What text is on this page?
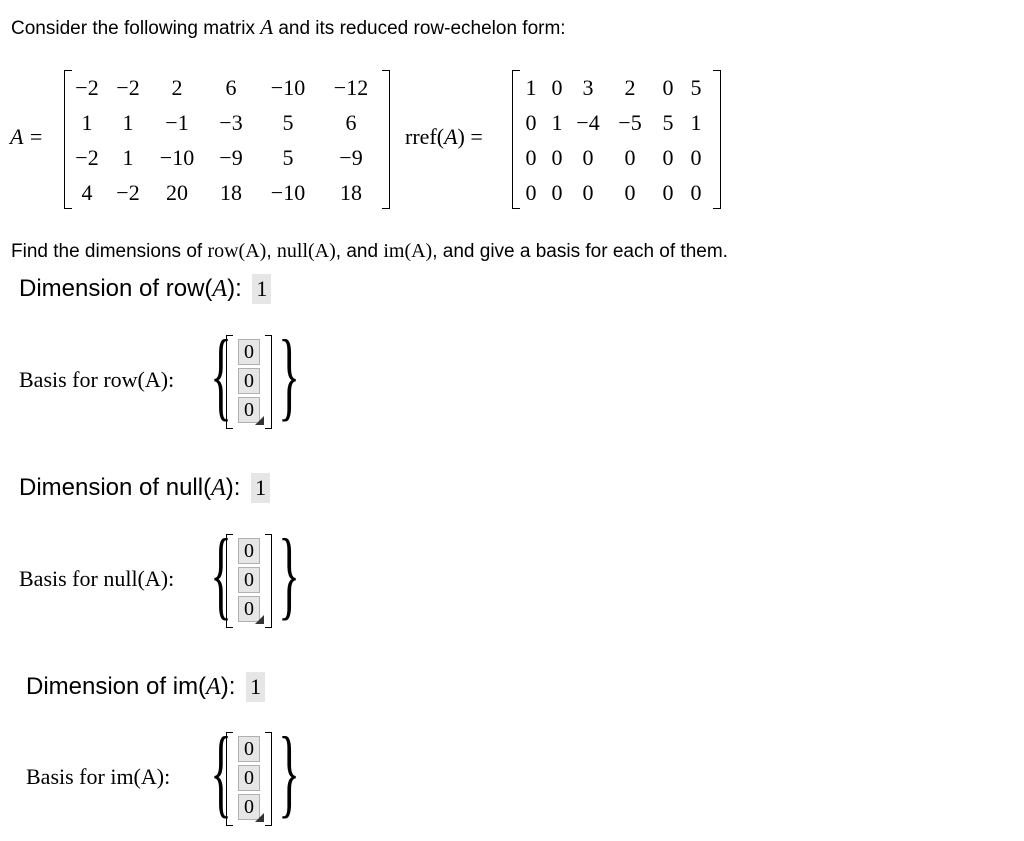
Consider the following matrix A and its reduced row-echelon form:
A =
−2 −2	2	6	−10	−12
1	1	−1	−3	5	6
−2	1	−10	−9	5	−9
4	−2	20	18	−10	18
rref(A) =
1 0 3	2	0 5
0 1 −4 −5 5 1
0 0 0	0	0 0
0 0 0	0	0 0
Find the dimensions of row(A), null(A), and im(A), and give a basis for each of them.
Dimension of row(A): 1
Basis for row(A): { }
0
0
0
Dimension of null(A): 1
Basis for null(A): { }
0
0
0
Dimension of im(A): 1
Basis for im(A): { }
0
0
0
